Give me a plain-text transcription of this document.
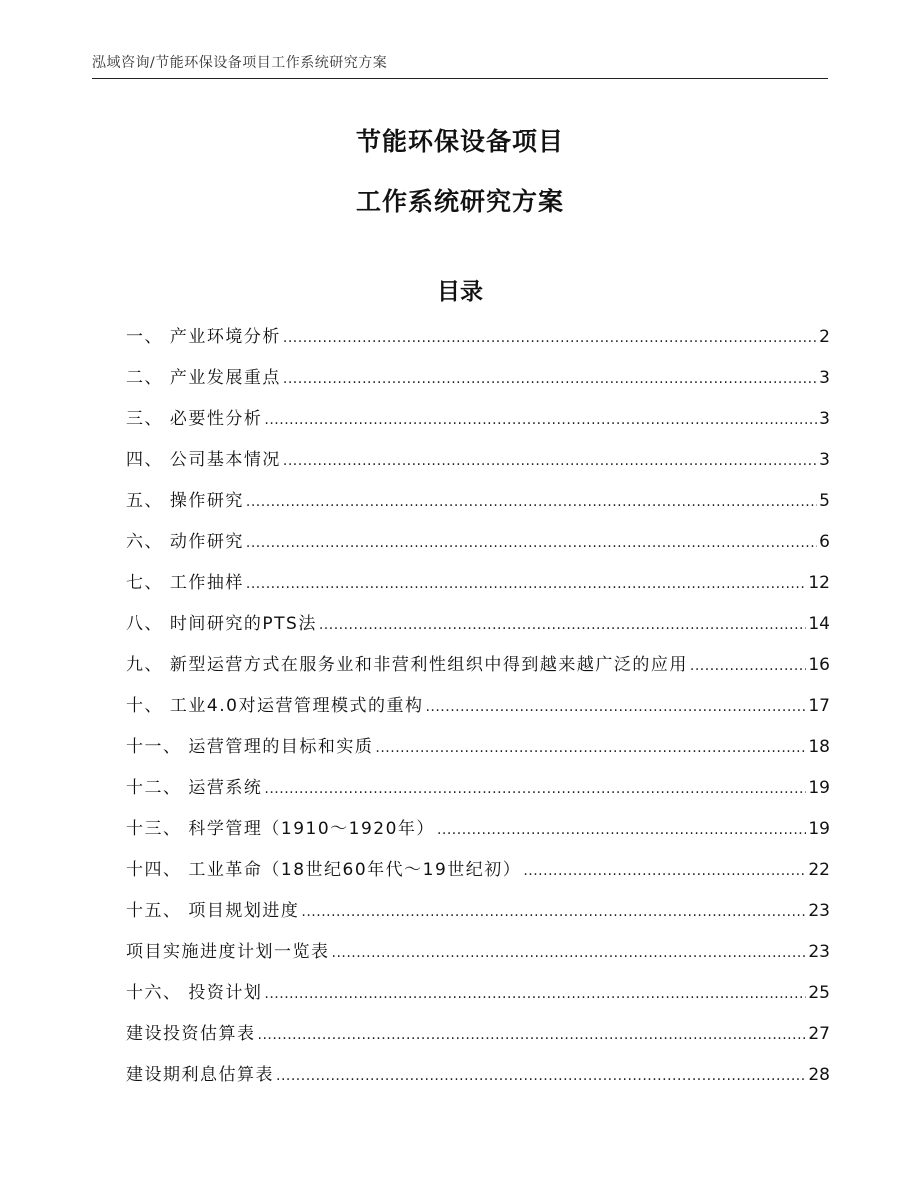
泓域咨询/节能环保设备项目工作系统研究方案
节能环保设备项目
工作系统研究方案
目录
一、 产业环境分析 .....	2
二、 产业发展重点 .....	3
三、 必要性分析 .....	3
四、 公司基本情况 .....	3
五、 操作研究 .....	5
六、 动作研究 .....	6
七、 工作抽样 .....	12
八、 时间研究的PTS法 .....	14
九、 新型运营方式在服务业和非营利性组织中得到越来越广泛的应用 .....	16
十、 工业4.0对运营管理模式的重构 .....	17
十一、 运营管理的目标和实质 .....	18
十二、 运营系统 .....	19
十三、 科学管理（1910～1920年） .....	19
十四、 工业革命（18世纪60年代～19世纪初） .....	22
十五、 项目规划进度 .....	23
项目实施进度计划一览表 .....	23
十六、 投资计划 .....	25
建设投资估算表 .....	27
建设期利息估算表 .....	28
